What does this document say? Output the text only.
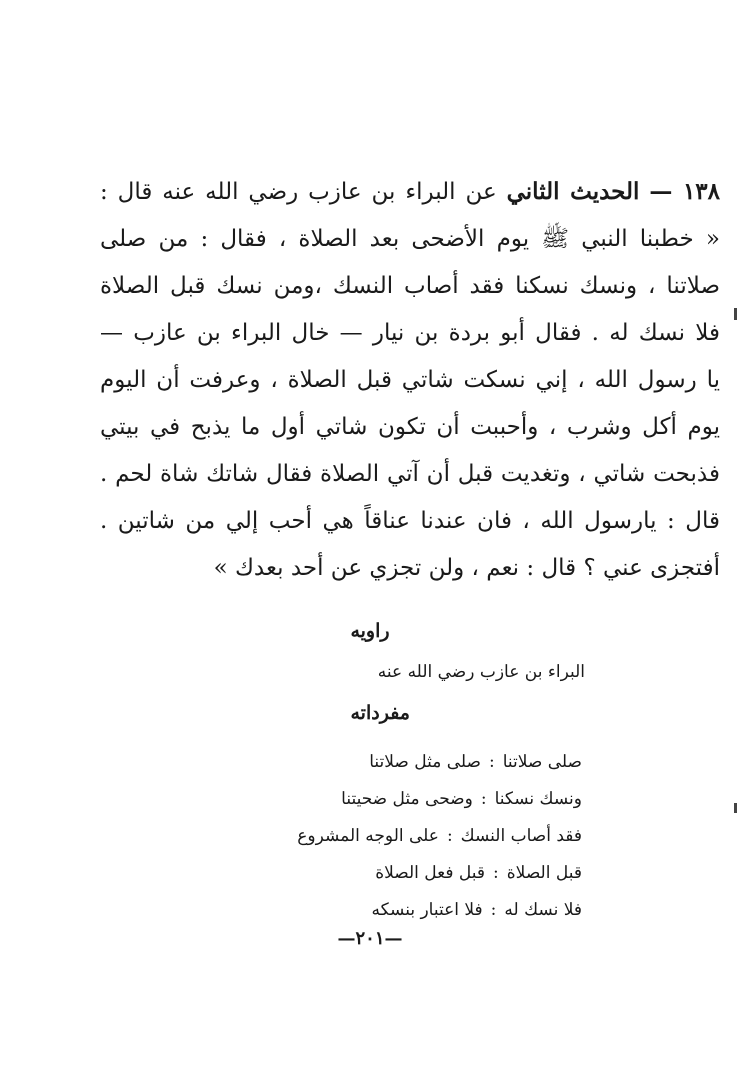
١٣٨ — الحديث الثاني عن البراء بن عازب رضي الله عنه قال :
« خطبنا النبي ﷺ يوم الأضحى بعد الصلاة ، فقال : من صلى
صلاتنا ، ونسك نسكنا فقد أصاب النسك ،ومن نسك قبل الصلاة
فلا نسك له . فقال أبو بردة بن نيار — خال البراء بن عازب —
يا رسول الله ، إني نسكت شاتي قبل الصلاة ، وعرفت أن اليوم
يوم أكل وشرب ، وأحببت أن تكون شاتي أول ما يذبح في بيتي
فذبحت شاتي ، وتغديت قبل أن آتي الصلاة فقال شاتك شاة لحم .
قال : يارسول الله ، فان عندنا عناقاً هي أحب إلي من شاتين .
أفتجزى عني ؟ قال : نعم ، ولن تجزي عن أحد بعدك »
راويه
البراء بن عازب رضي الله عنه
مفرداته
صلى صلاتنا:صلى مثل صلاتنا
ونسك نسكنا:وضحى مثل ضحيتنا
فقد أصاب النسك:على الوجه المشروع
قبل الصلاة:قبل فعل الصلاة
فلا نسك له:فلا اعتبار بنسكه
—٢٠١—
